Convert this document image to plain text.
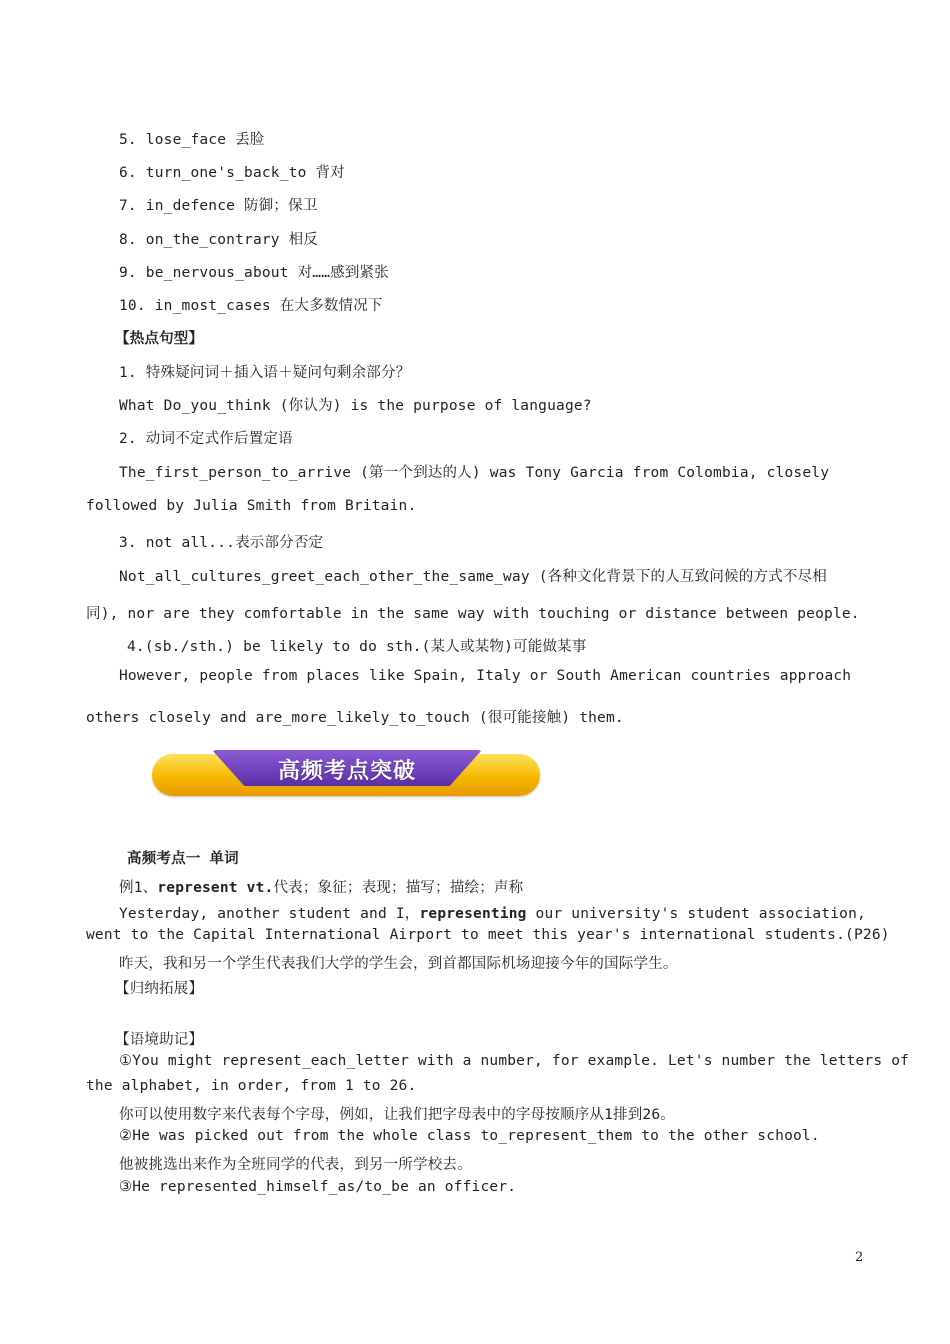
5. lose_face 丢脸
6. turn_one's_back_to 背对
7. in_defence 防御；保卫
8. on_the_contrary 相反
9. be_nervous_about 对……感到紧张
10. in_most_cases 在大多数情况下
【热点句型】
1. 特殊疑问词＋插入语＋疑问句剩余部分？
What Do_you_think (你认为) is the purpose of language?
2. 动词不定式作后置定语
The_first_person_to_arrive (第一个到达的人) was Tony Garcia from Colombia, closely
followed by Julia Smith from Britain.
3. not all...表示部分否定
Not_all_cultures_greet_each_other_the_same_way (各种文化背景下的人互致问候的方式不尽相
同), nor are they comfortable in the same way with touching or distance between people.
4.(sb./sth.) be likely to do sth.(某人或某物)可能做某事
However, people from places like Spain, Italy or South American countries approach
others closely and are_more_likely_to_touch (很可能接触) them.
高频考点突破
高频考点一 单词
例1、represent vt.代表；象征；表现；描写；描绘；声称
Yesterday, another student and I，representing our university's student association,
went to the Capital International Airport to meet this year's international students.(P26)
昨天，我和另一个学生代表我们大学的学生会，到首都国际机场迎接今年的国际学生。
【归纳拓展】
【语境助记】
①You might represent_each_letter with a number, for example. Let's number the letters of
the alphabet, in order, from 1 to 26.
你可以使用数字来代表每个字母，例如，让我们把字母表中的字母按顺序从1排到26。
②He was picked out from the whole class to_represent_them to the other school.
他被挑选出来作为全班同学的代表，到另一所学校去。
③He represented_himself_as/to_be an officer.
2
